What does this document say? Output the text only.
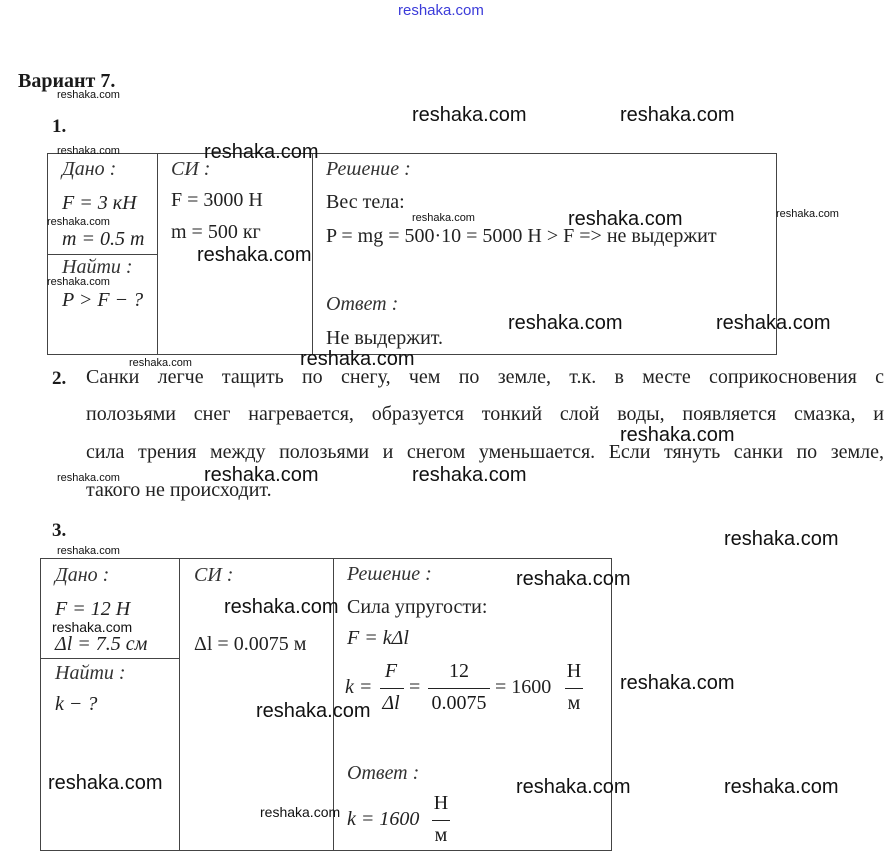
reshaka.com
Вариант 7.
1.
Дано :
F = 3 кН
m = 0.5 т
Найти :
P > F − ?
СИ :
F = 3000 Н
m = 500 кг
Решение :
Вес тела:
P = mg = 500·10 = 5000 Н > F => не выдержит
Ответ :
Не выдержит.
2. Санки легче тащить по снегу, чем по земле, т.к. в месте соприкосновения с
полозьями снег нагревается, образуется тонкий слой воды, появляется смазка, и
сила трения между полозьями и снегом уменьшается. Если тянуть санки по земле,
такого не происходит.
3.
Дано :
F = 12 Н
Δl = 7.5 см
Найти :
k − ?
СИ :
Δl = 0.0075 м
Решение :
Сила упругости:
F = kΔl
k =
F
Δl
=
12
0.0075
= 1600
Н
м
Ответ :
k = 1600
Н
м
reshaka.com
reshaka.com	reshaka.com
reshaka.com	reshaka.com
reshaka.com	reshaka.com	reshaka.com
reshaka.com
reshaka.com
reshaka.com
reshaka.com	reshaka.com
reshaka.com	reshaka.com
reshaka.com
reshaka.com	reshaka.com
reshaka.com
reshaka.com
reshaka.com
reshaka.com
reshaka.com
reshaka.com
reshaka.com
reshaka.com
reshaka.com	reshaka.com	reshaka.com
reshaka.com
